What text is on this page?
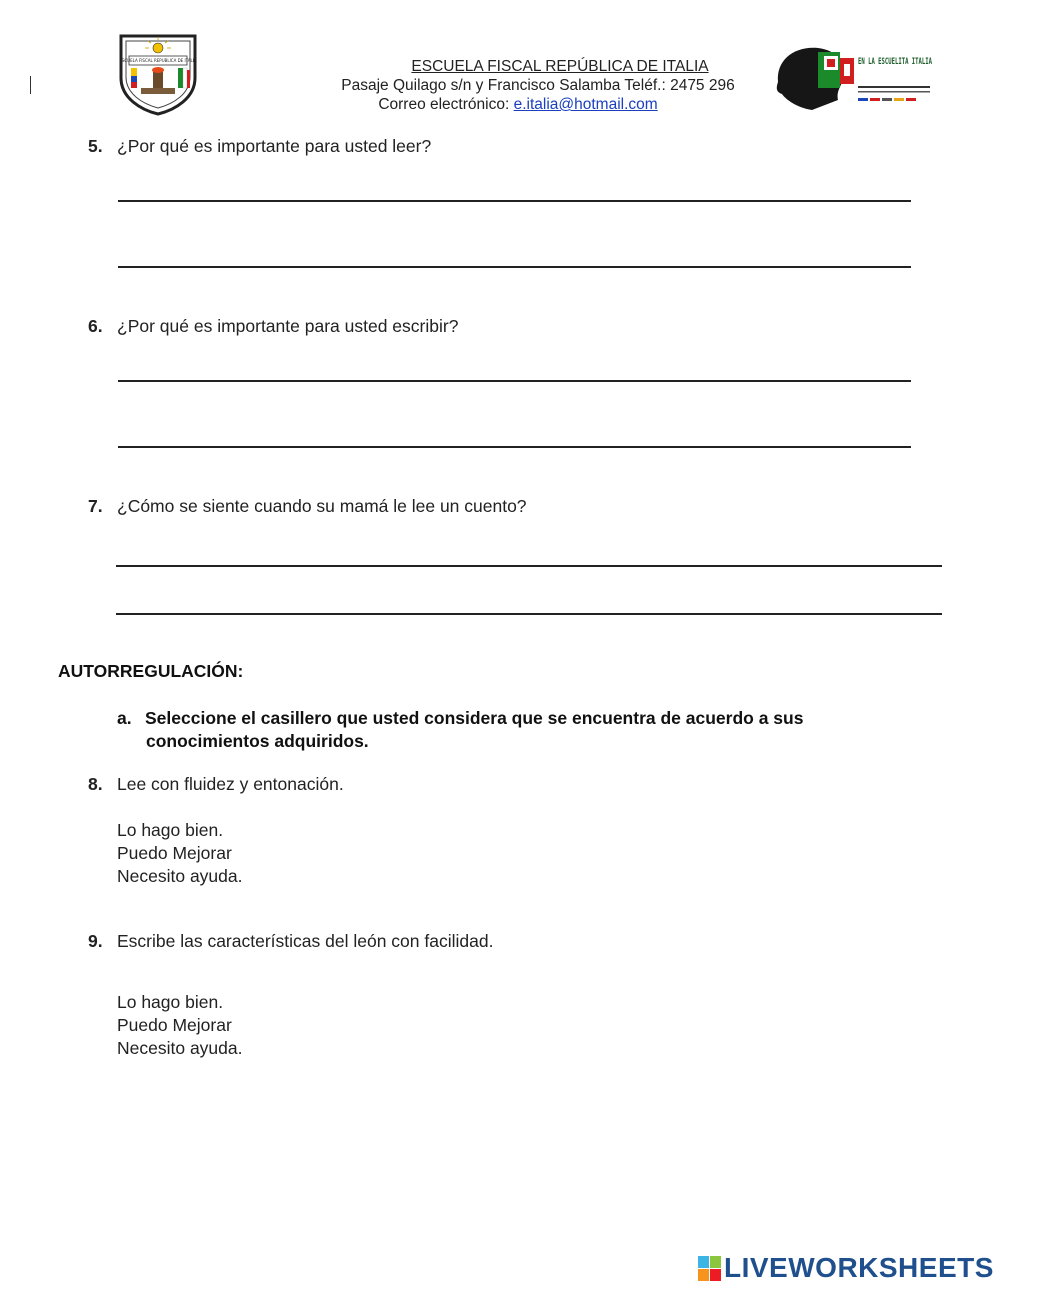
ESCUELA FISCAL REPUBLICA DE ITALIA	ESCUELA FISCAL REPÚBLICA DE ITALIA
Pasaje Quilago s/n y Francisco Salamba Teléf.: 2475 296
Correo electrónico: e.italia@hotmail.com
EN LA ESCUELITA ITALIA
5. ¿Por qué es importante para usted leer?
6. ¿Por qué es importante para usted escribir?
7. ¿Cómo se siente cuando su mamá le lee un cuento?
AUTORREGULACIÓN:
a. Seleccione el casillero que usted considera que se encuentra de acuerdo a sus
conocimientos adquiridos.
8. Lee con fluidez y entonación.
Lo hago bien.
Puedo Mejorar
Necesito ayuda.
9. Escribe las características del león con facilidad.
Lo hago bien.
Puedo Mejorar
Necesito ayuda.
LIVEWORKSHEETS
